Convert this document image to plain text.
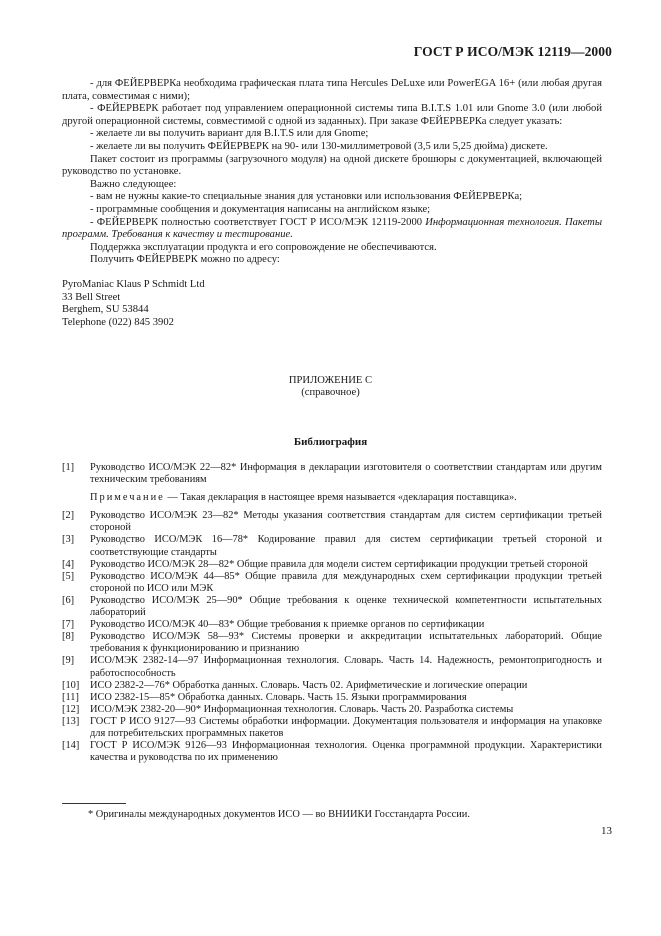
ГОСТ Р ИСО/МЭК 12119—2000

- для ФЕЙЕРВЕРКа необходима графическая плата типа Hercules DeLuxe или PowerEGA 16+ (или любая другая плата, совместимая с ними);

- ФЕЙЕРВЕРК работает под управлением операционной системы типа B.I.T.S 1.01 или Gnome 3.0 (или любой другой операционной системы, совместимой с одной из заданных). При заказе ФЕЙЕРВЕРКа следует указать:

- желаете ли вы получить вариант для B.I.T.S или для Gnome;

- желаете ли вы получить ФЕЙЕРВЕРК на 90- или 130-миллиметровой (3,5 или 5,25 дюйма) дискете.

Пакет состоит из программы (загрузочного модуля) на одной дискете брошюры с документацией, включающей руководство по установке.

Важно следующее:

- вам не нужны какие-то специальные знания для установки или использования ФЕЙЕРВЕРКа;

- программные сообщения и документация написаны на английском языке;

- ФЕЙЕРВЕРК полностью соответствует ГОСТ Р ИСО/МЭК 12119-2000 Информационная технология. Пакеты программ. Требования к качеству и тестирование.

Поддержка эксплуатации продукта и его сопровождение не обеспечиваются.

Получить ФЕЙЕРВЕРК можно по адресу:

PyroManiac Klaus P Schmidt Ltd
33 Bell Street
Berghem, SU 53844
Telephone (022) 845 3902
ПРИЛОЖЕНИЕ С
(справочное)
Библиография
[1]	Руководство ИСО/МЭК 22—82* Информация в декларации изготовителя о соответствии стандартам или другим техническим требованиям
Примечание — Такая декларация в настоящее время называется «декларация поставщика».
[2]	Руководство ИСО/МЭК 23—82* Методы указания соответствия стандартам для систем сертификации третьей стороной
[3]	Руководство ИСО/МЭК 16—78* Кодирование правил для систем сертификации третьей стороной и соответствующие стандарты
[4]	Руководство ИСО/МЭК 28—82* Общие правила для модели систем сертификации продукции третьей стороной
[5]	Руководство ИСО/МЭК 44—85* Общие правила для международных схем сертификации продукции третьей стороной по ИСО или МЭК
[6]	Руководство ИСО/МЭК 25—90* Общие требования к оценке технической компетентности испытательных лабораторий
[7]	Руководство ИСО/МЭК 40—83* Общие требования к приемке органов по сертификации
[8]	Руководство ИСО/МЭК 58—93* Системы проверки и аккредитации испытательных лабораторий. Общие требования к функционированию и признанию
[9]	ИСО/МЭК 2382-14—97 Информационная технология. Словарь. Часть 14. Надежность, ремонтопригодность и работоспособность
[10]	ИСО 2382-2—76* Обработка данных. Словарь. Часть 02. Арифметические и логические операции
[11]	ИСО 2382-15—85* Обработка данных. Словарь. Часть 15. Языки программирования
[12]	ИСО/МЭК 2382-20—90* Информационная технология. Словарь. Часть 20. Разработка системы
[13]	ГОСТ Р ИСО 9127—93 Системы обработки информации. Документация пользователя и информация на упаковке для потребительских программных пакетов
[14]	ГОСТ Р ИСО/МЭК 9126—93 Информационная технология. Оценка программной продукции. Характеристики качества и руководства по их применению
* Оригиналы международных документов ИСО — во ВНИИКИ Госстандарта России.
13
